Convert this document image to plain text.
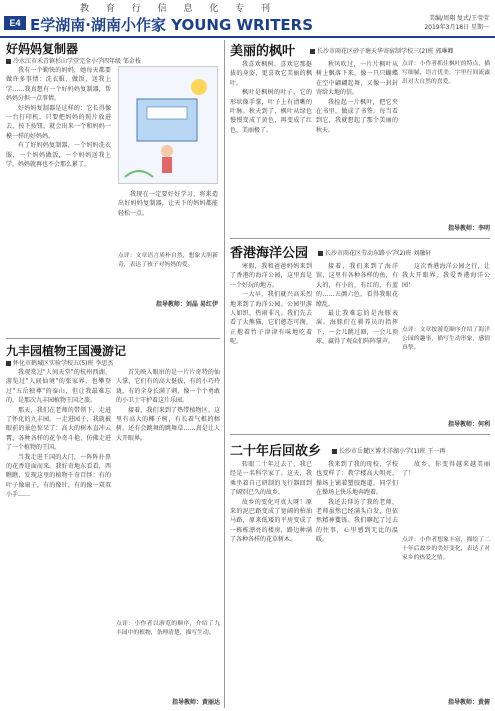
教 育 行 信 息 化 专 刊
E4 E学湖南·湖南小作家 YOUNG WRITERS	美编/周翔 复式/王莹莹
2019年3月18日 星期一
好妈妈复制器
冷水江市禾青镇杉山学堂完全小学四年级 邹金枝

我有一个勤快的妈妈，她每天都要做许多事情：洗衣服，做饭，送我上学……我真想有一个好妈妈复制器，帮妈妈分担一点事情。

好妈妈复制器是这样的：它长得像一台打印机，只要把妈妈的照片放进去，按下按钮，就会出来一个和妈妈一模一样的好妈妈。

有了好妈妈复制器，一个妈妈洗衣服，一个妈妈做饭，一个妈妈送我上学，妈妈就再也不会那么累了。

我现在一定要好好学习，将来造出好妈妈复制器，让天下的妈妈都能轻松一点。

点评：文章语言质朴自然，想象大胆新奇，表达了孩子对妈妈的爱。
指导教师：刘晶 易红伊
九丰园植物王国漫游记
怀化市鹤城区实验学校五(5)班 李思杰

我观赏过"人间天堂"的杭州西湖，游览过"人间仙境"的张家界，也攀登过"五岳独尊"的泰山，但让我最难忘的，是那次九丰园植物王国之旅。

那天，我们在老师的带领下，走进了怀化的九丰园。一走进园子，我就被眼前的景色惊呆了：高大的树木直冲云霄，各种各样的花争奇斗艳，仿佛走进了一个植物的王国。

当我走进王国的大门，一阵阵扑鼻的花香迎面而来。我好奇地东看看，西瞧瞧，发现这里的植物千奇百怪：有的叶子像扇子，有的像针，有的像一双双小手……

首先映入眼帘的是一片片奇特的仙人掌，它们有的高大挺拔，有的小巧玲珑，有的全身长满了刺，像一个个勇敢的小卫士守护着这片乐园。

接着，我们来到了热带植物区。这里有高大的椰子树，有长着气根的榕树，还有会跳舞的跳舞草……真是让人大开眼界。

点评：小作者以游览的顺序，介绍了九丰园中的植物，条理清楚，描写生动。
指导教师：黄丽达
美丽的枫叶	长沙市雨花区砂子塘天华寄宿制学校三(2)班 郭琳卿

我喜欢枫树，喜欢它那挺拔的身姿，更喜欢它美丽的枫叶。

枫叶是枫树的叶子，它的形状像手掌，叶子上有清晰的叶脉。秋天到了，枫叶从绿色慢慢变成了黄色，再变成了红色，美丽极了。

秋风吹过，一片片枫叶从树上飘落下来，像一只只蝴蝶在空中翩翩起舞，又像一封封寄给大地的信。

我捡起一片枫叶，把它夹在书里，做成了书签。每当看到它，我就想起了那个美丽的秋天。

点评：小作者抓住枫叶的特点，描写细腻，语言优美，字里行间流露出对大自然的喜爱。
指导教师：李明
香港海洋公园	长沙市雨花区劳动东路小学(2)班 刘融轩

寒假，我和爸爸妈妈来到了香港的海洋公园，这里真是一个好玩的地方。

一大早，我们就兴高采烈地来到了海洋公园。公园里游人如织，热闹非凡。我们先去看了大熊猫，它们憨态可掬，正抱着竹子津津有味地吃着呢。

接着，我们来到了海洋馆，这里有各种各样的鱼，有大的，有小的，有红的，有蓝的……五颜六色，看得我眼花缭乱。

最让我难忘的是海豚表演。海豚们在驯养员的指挥下，一会儿跳过圈，一会儿顶球，赢得了观众们阵阵掌声。

这次香港海洋公园之行，让我大开眼界，我爱香港海洋公园！

点评：文章按游览顺序介绍了海洋公园的趣事，描写生动形象，感情真挚。
指导教师：何利
二十年后回故乡	长沙市岳麓区博才洋湖小学(1)班 王一再

转眼二十年过去了，我已经是一名科学家了。这天，我乘坐着自己研制的飞行器回到了阔别已久的故乡。

故乡的变化可真大呀！原来的泥巴路变成了宽阔的柏油马路，原来低矮的平房变成了一栋栋漂亮的楼房，路边种满了各种各样的花草树木。

我来到了我的母校，学校也变样了：教学楼高大明亮，操场上铺着塑胶跑道，同学们在操场上快乐地奔跑着。

我还去拜访了我的老师，老师虽然已经满头白发，但依然精神矍铄。我们聊起了过去的往事，心里感到无比的温暖。

故乡，你变得越来越美丽了！

点评：小作者想象丰富，描绘了二十年后故乡的美好变化，表达了对家乡的热爱之情。
指导教师：黄俯
